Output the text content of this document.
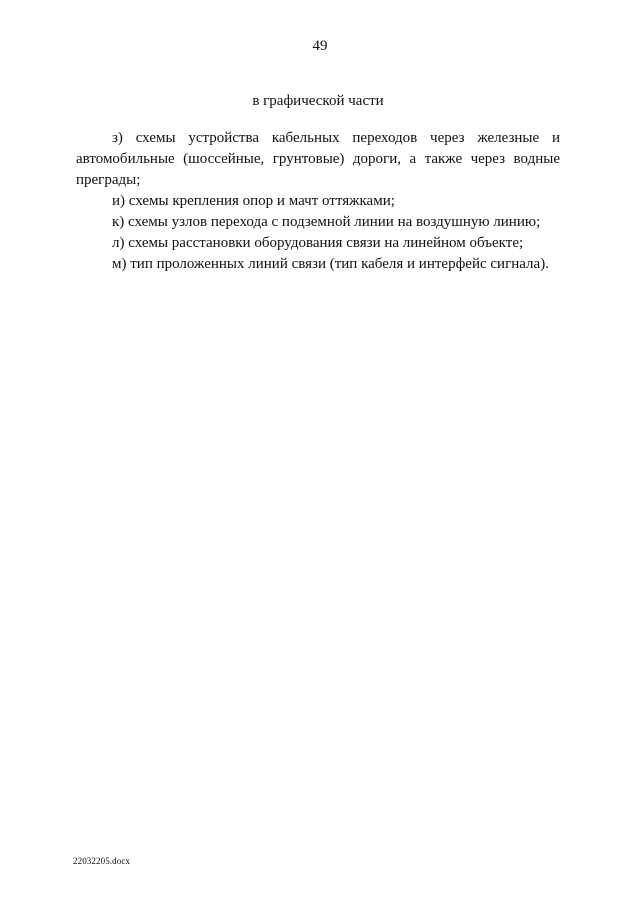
49
в графической части

з) схемы устройства кабельных переходов через железные и автомобильные (шоссейные, грунтовые) дороги, а также через водные преграды;

и) схемы крепления опор и мачт оттяжками;

к) схемы узлов перехода с подземной линии на воздушную линию;

л) схемы расстановки оборудования связи на линейном объекте;

м) тип проложенных линий связи (тип кабеля и интерфейс сигнала).

22032205.docx
